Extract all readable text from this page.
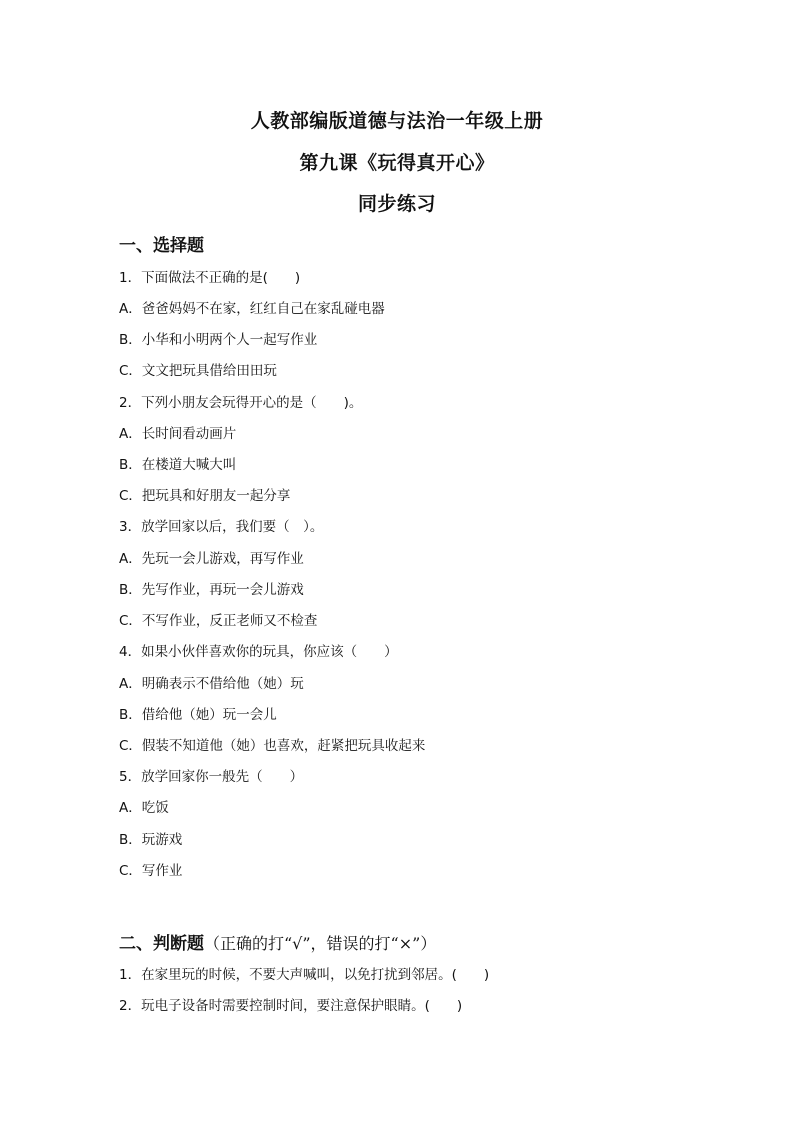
人教部编版道德与法治一年级上册
第九课《玩得真开心》
同步练习
一、选择题
1．下面做法不正确的是(　　)
A．爸爸妈妈不在家，红红自己在家乱碰电器
B．小华和小明两个人一起写作业
C．文文把玩具借给田田玩
2．下列小朋友会玩得开心的是（　　)。
A．长时间看动画片
B．在楼道大喊大叫
C．把玩具和好朋友一起分享
3．放学回家以后，我们要（　）。
A．先玩一会儿游戏，再写作业
B．先写作业，再玩一会儿游戏
C．不写作业，反正老师又不检查
4．如果小伙伴喜欢你的玩具，你应该（　　）
A．明确表示不借给他（她）玩
B．借给他（她）玩一会儿
C．假装不知道他（她）也喜欢，赶紧把玩具收起来
5．放学回家你一般先（　　）
A．吃饭
B．玩游戏
C．写作业
二、判断题（正确的打“√”，错误的打“×”）
1．在家里玩的时候，不要大声喊叫，以免打扰到邻居。(　　)
2．玩电子设备时需要控制时间，要注意保护眼睛。(　　)
